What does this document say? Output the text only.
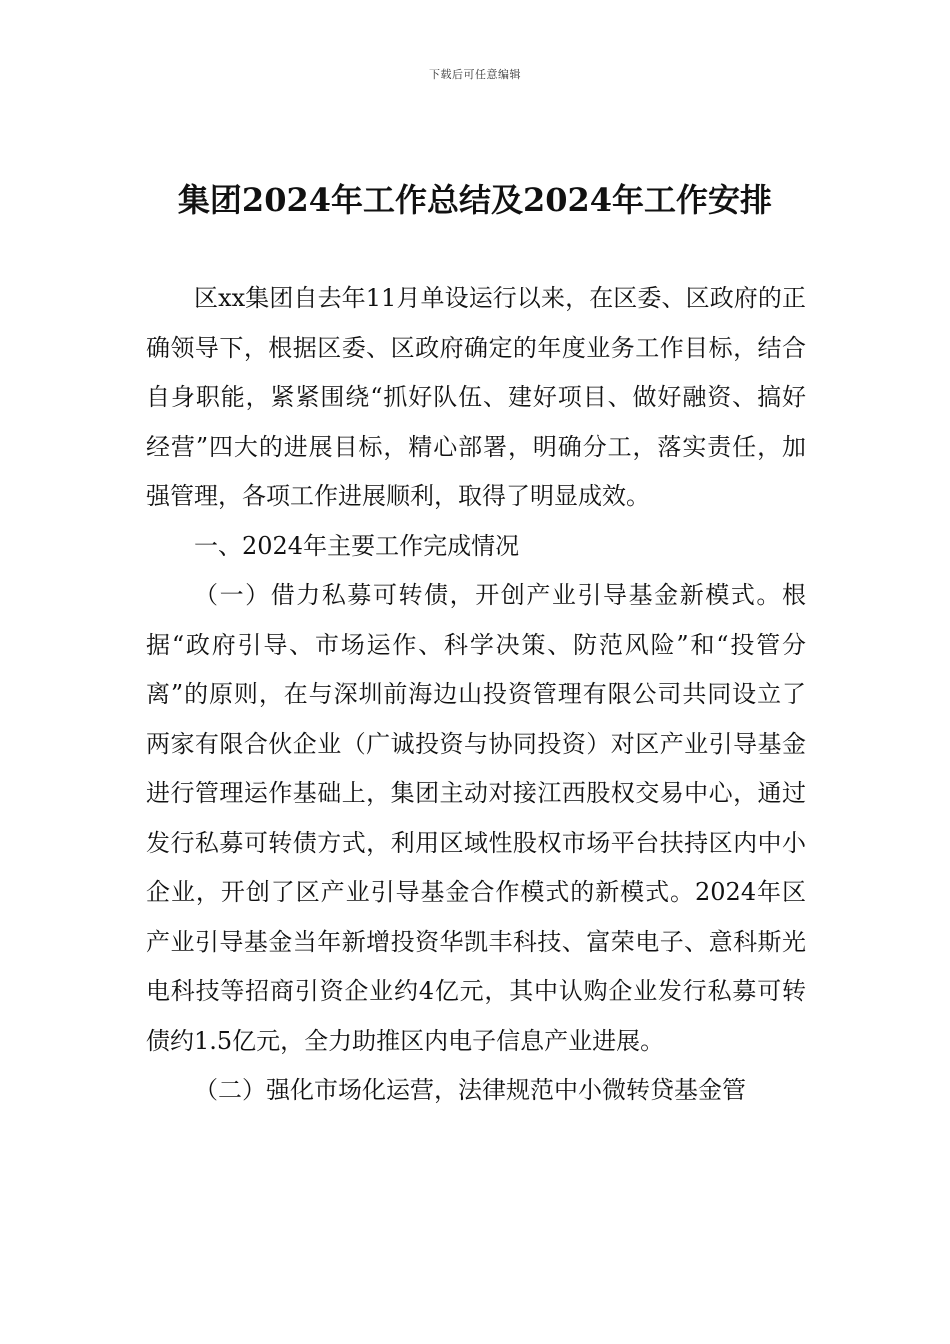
下载后可任意编辑
集团2024年工作总结及2024年工作安排

区xx集团自去年11月单设运行以来，在区委、区政府的正确领导下，根据区委、区政府确定的年度业务工作目标，结合自身职能，紧紧围绕“抓好队伍、建好项目、做好融资、搞好经营”四大的进展目标，精心部署，明确分工，落实责任，加强管理，各项工作进展顺利，取得了明显成效。

一、2024年主要工作完成情况

（一）借力私募可转债，开创产业引导基金新模式。根据“政府引导、市场运作、科学决策、防范风险”和“投管分离”的原则，在与深圳前海边山投资管理有限公司共同设立了两家有限合伙企业（广诚投资与协同投资）对区产业引导基金进行管理运作基础上，集团主动对接江西股权交易中心，通过发行私募可转债方式，利用区域性股权市场平台扶持区内中小企业，开创了区产业引导基金合作模式的新模式。2024年区产业引导基金当年新增投资华凯丰科技、富荣电子、意科斯光电科技等招商引资企业约4亿元，其中认购企业发行私募可转债约1.5亿元，全力助推区内电子信息产业进展。

（二）强化市场化运营，法律规范中小微转贷基金管
